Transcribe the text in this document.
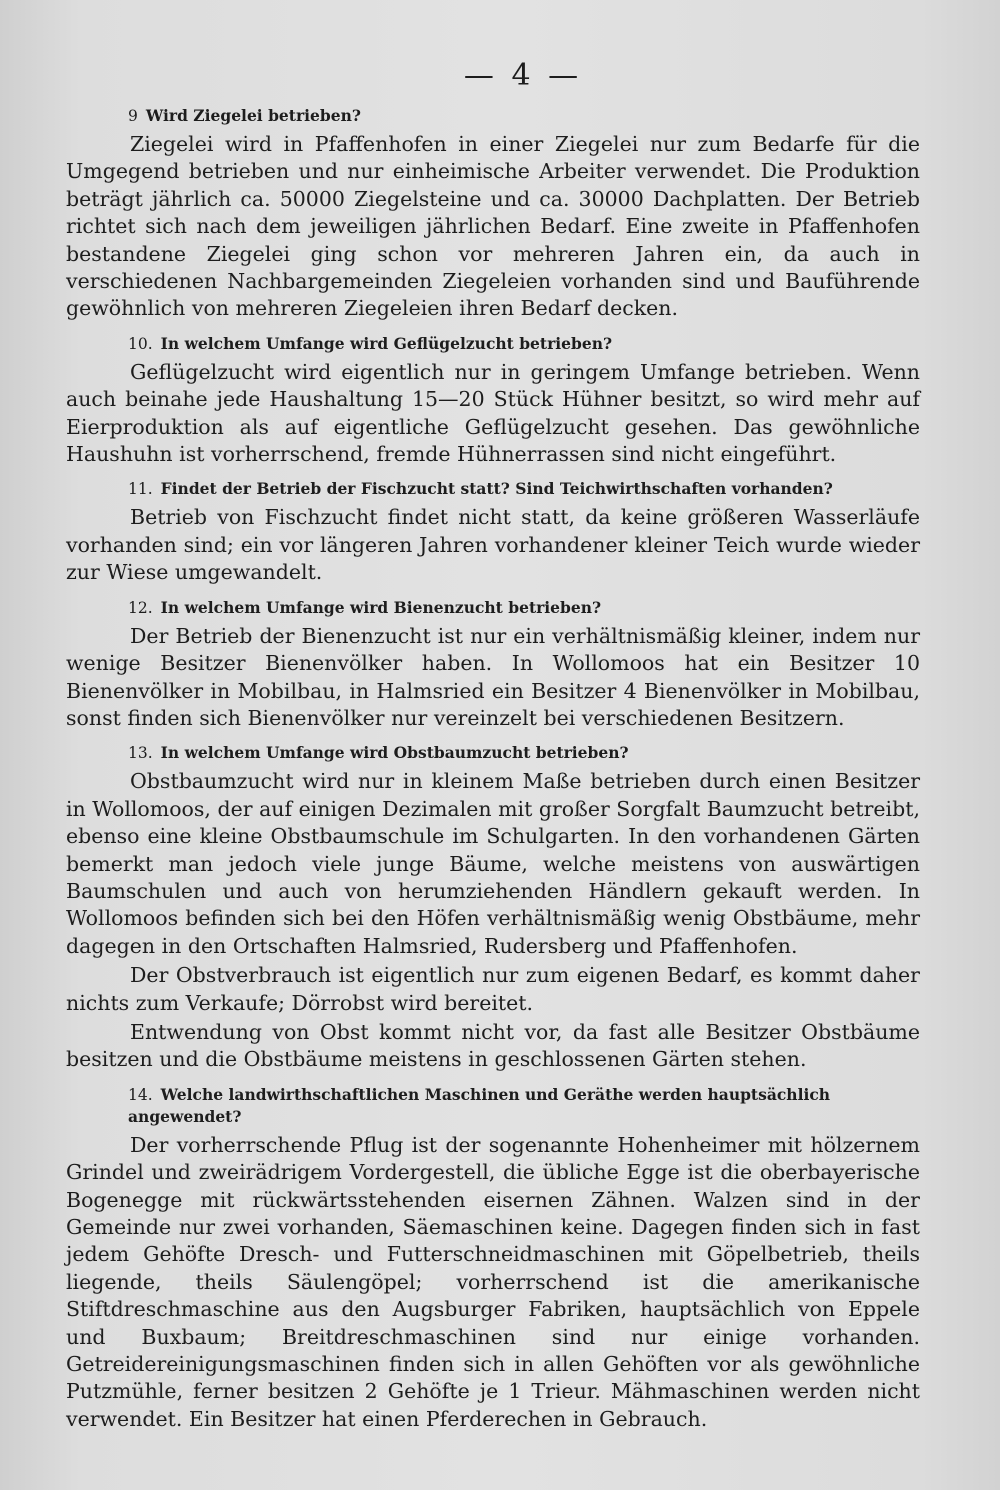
— 4 —
9 Wird Ziegelei betrieben?

Ziegelei wird in Pfaffenhofen in einer Ziegelei nur zum Bedarfe für die Umgegend betrieben und nur einheimische Arbeiter verwendet. Die Produktion beträgt jährlich ca. 50000 Ziegelsteine und ca. 30000 Dachplatten. Der Betrieb richtet sich nach dem jeweiligen jährlichen Bedarf. Eine zweite in Pfaffenhofen bestandene Ziegelei ging schon vor mehreren Jahren ein, da auch in verschiedenen Nachbargemeinden Ziegeleien vorhanden sind und Bauführende gewöhnlich von mehreren Ziegeleien ihren Bedarf decken.

10. In welchem Umfange wird Geflügelzucht betrieben?

Geflügelzucht wird eigentlich nur in geringem Umfange betrieben. Wenn auch beinahe jede Haushaltung 15—20 Stück Hühner besitzt, so wird mehr auf Eierproduktion als auf eigentliche Geflügelzucht gesehen. Das gewöhnliche Haushuhn ist vorherrschend, fremde Hühnerrassen sind nicht eingeführt.

11. Findet der Betrieb der Fischzucht statt? Sind Teichwirthschaften vorhanden?

Betrieb von Fischzucht findet nicht statt, da keine größeren Wasserläufe vorhanden sind; ein vor längeren Jahren vorhandener kleiner Teich wurde wieder zur Wiese umgewandelt.

12. In welchem Umfange wird Bienenzucht betrieben?

Der Betrieb der Bienenzucht ist nur ein verhältnismäßig kleiner, indem nur wenige Besitzer Bienenvölker haben. In Wollomoos hat ein Besitzer 10 Bienenvölker in Mobilbau, in Halmsried ein Besitzer 4 Bienenvölker in Mobilbau, sonst finden sich Bienenvölker nur vereinzelt bei verschiedenen Besitzern.

13. In welchem Umfange wird Obstbaumzucht betrieben?

Obstbaumzucht wird nur in kleinem Maße betrieben durch einen Besitzer in Wollomoos, der auf einigen Dezimalen mit großer Sorgfalt Baumzucht betreibt, ebenso eine kleine Obstbaumschule im Schulgarten. In den vorhandenen Gärten bemerkt man jedoch viele junge Bäume, welche meistens von auswärtigen Baumschulen und auch von herumziehenden Händlern gekauft werden. In Wollomoos befinden sich bei den Höfen verhältnismäßig wenig Obstbäume, mehr dagegen in den Ortschaften Halmsried, Rudersberg und Pfaffenhofen.

Der Obstverbrauch ist eigentlich nur zum eigenen Bedarf, es kommt daher nichts zum Verkaufe; Dörrobst wird bereitet.

Entwendung von Obst kommt nicht vor, da fast alle Besitzer Obstbäume besitzen und die Obstbäume meistens in geschlossenen Gärten stehen.

14. Welche landwirthschaftlichen Maschinen und Geräthe werden hauptsächlich angewendet?

Der vorherrschende Pflug ist der sogenannte Hohenheimer mit hölzernem Grindel und zweirädrigem Vordergestell, die übliche Egge ist die oberbayerische Bogenegge mit rückwärtsstehenden eisernen Zähnen. Walzen sind in der Gemeinde nur zwei vorhanden, Säemaschinen keine. Dagegen finden sich in fast jedem Gehöfte Dresch- und Futterschneidmaschinen mit Göpelbetrieb, theils liegende, theils Säulengöpel; vorherrschend ist die amerikanische Stiftdreschmaschine aus den Augsburger Fabriken, hauptsächlich von Eppele und Buxbaum; Breitdreschmaschinen sind nur einige vorhanden. Getreidereinigungsmaschinen finden sich in allen Gehöften vor als gewöhnliche Putzmühle, ferner besitzen 2 Gehöfte je 1 Trieur. Mähmaschinen werden nicht verwendet. Ein Besitzer hat einen Pferderechen in Gebrauch.
